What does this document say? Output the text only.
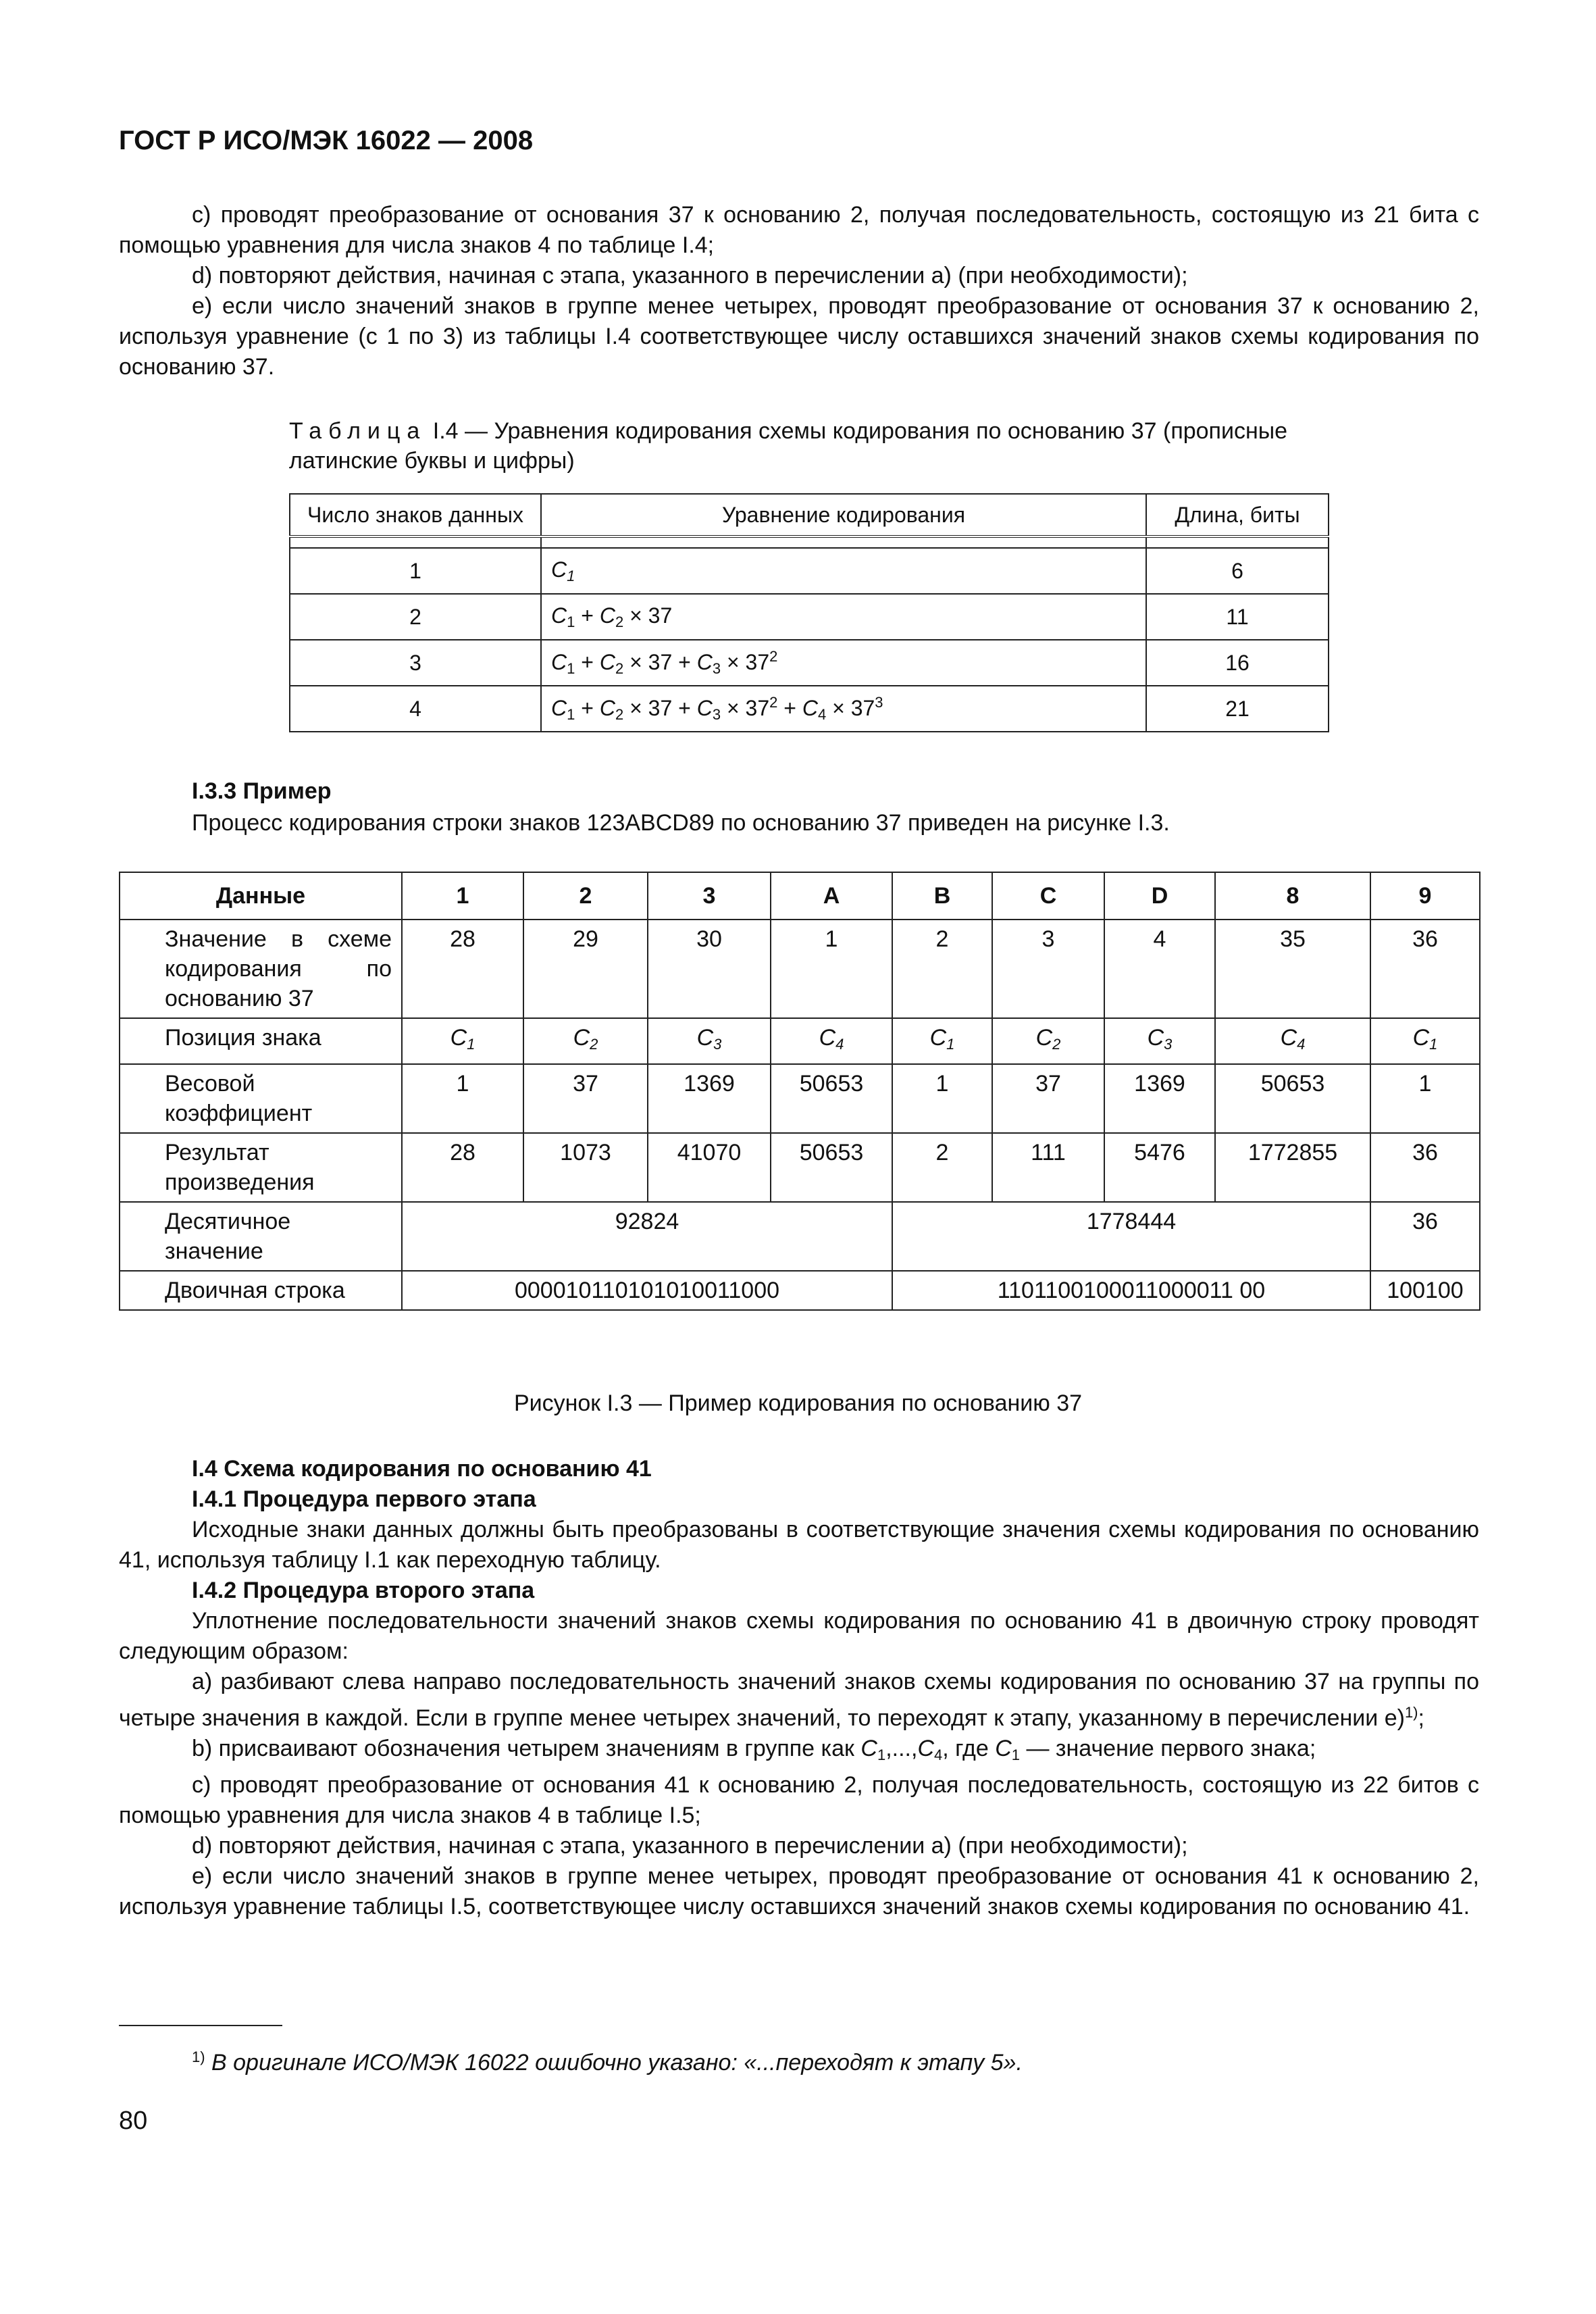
ГОСТ Р ИСО/МЭК 16022 — 2008

c) проводят преобразование от основания 37 к основанию 2, получая последовательность, состоящую из 21 бита с помощью уравнения для числа знаков 4 по таблице I.4;

d) повторяют действия, начиная с этапа, указанного в перечислении а) (при необходимости);

e) если число значений знаков в группе менее четырех, проводят преобразование от основания 37 к основанию 2, используя уравнение (с 1 по 3) из таблицы I.4 соответствующее числу оставшихся значений знаков схемы кодирования по основанию 37.

Таблица I.4 — Уравнения кодирования схемы кодирования по основанию 37 (прописные латинские буквы и цифры)
Число знаков данных	Уравнение кодирования	Длина, биты

1	$C_1$	6
2	$C_1 + C_2 \times 37$	11
3	$C_1 + C_2 \times 37 + C_3 \times 37^2$	16
4	$C_1 + C_2 \times 37 + C_3 \times 37^2 + C_4 \times 37^3$	21
I.3.3 Пример
Процесс кодирования строки знаков 123ABCD89 по основанию 37 приведен на рисунке I.3.
Данные	1	2	3	A	B	C	D	8	9
Значение в схеме кодирования по основанию 37	28	29	30	1	2	3	4	35	36
Позиция знака	$C_1$	$C_2$	$C_3$	$C_4$	$C_1$	$C_2$	$C_3$	$C_4$	$C_1$
Весовой коэффициент	1	37	1369	50653	1	37	1369	50653	1
Результат произведения	28	1073	41070	50653	2	111	5476	1772855	36
Десятичное значение	92824				1778444				36
Двоичная строка	000010110101010011000				1101100100011000011 00				100100
Рисунок I.3 — Пример кодирования по основанию 37

I.4 Схема кодирования по основанию 41

I.4.1 Процедура первого этапа

Исходные знаки данных должны быть преобразованы в соответствующие значения схемы кодирования по основанию 41, используя таблицу I.1 как переходную таблицу.

I.4.2 Процедура второго этапа

Уплотнение последовательности значений знаков схемы кодирования по основанию 41 в двоичную строку проводят следующим образом:

а) разбивают слева направо последовательность значений знаков схемы кодирования по основанию 37 на группы по четыре значения в каждой. Если в группе менее четырех значений, то переходят к этапу, указанному в перечислении е)$^{1)}$;

b) присваивают обозначения четырем значениям в группе как $C_1,...,C_4$, где $C_1$ — значение первого знака;

c) проводят преобразование от основания 41 к основанию 2, получая последовательность, состоящую из 22 битов с помощью уравнения для числа знаков 4 в таблице I.5;

d) повторяют действия, начиная с этапа, указанного в перечислении а) (при необходимости);

e) если число значений знаков в группе менее четырех, проводят преобразование от основания 41 к основанию 2, используя уравнение таблицы I.5, соответствующее числу оставшихся значений знаков схемы кодирования по основанию 41.

$^{1)}$ В оригинале ИСО/МЭК 16022 ошибочно указано: «...переходят к этапу 5».
80
